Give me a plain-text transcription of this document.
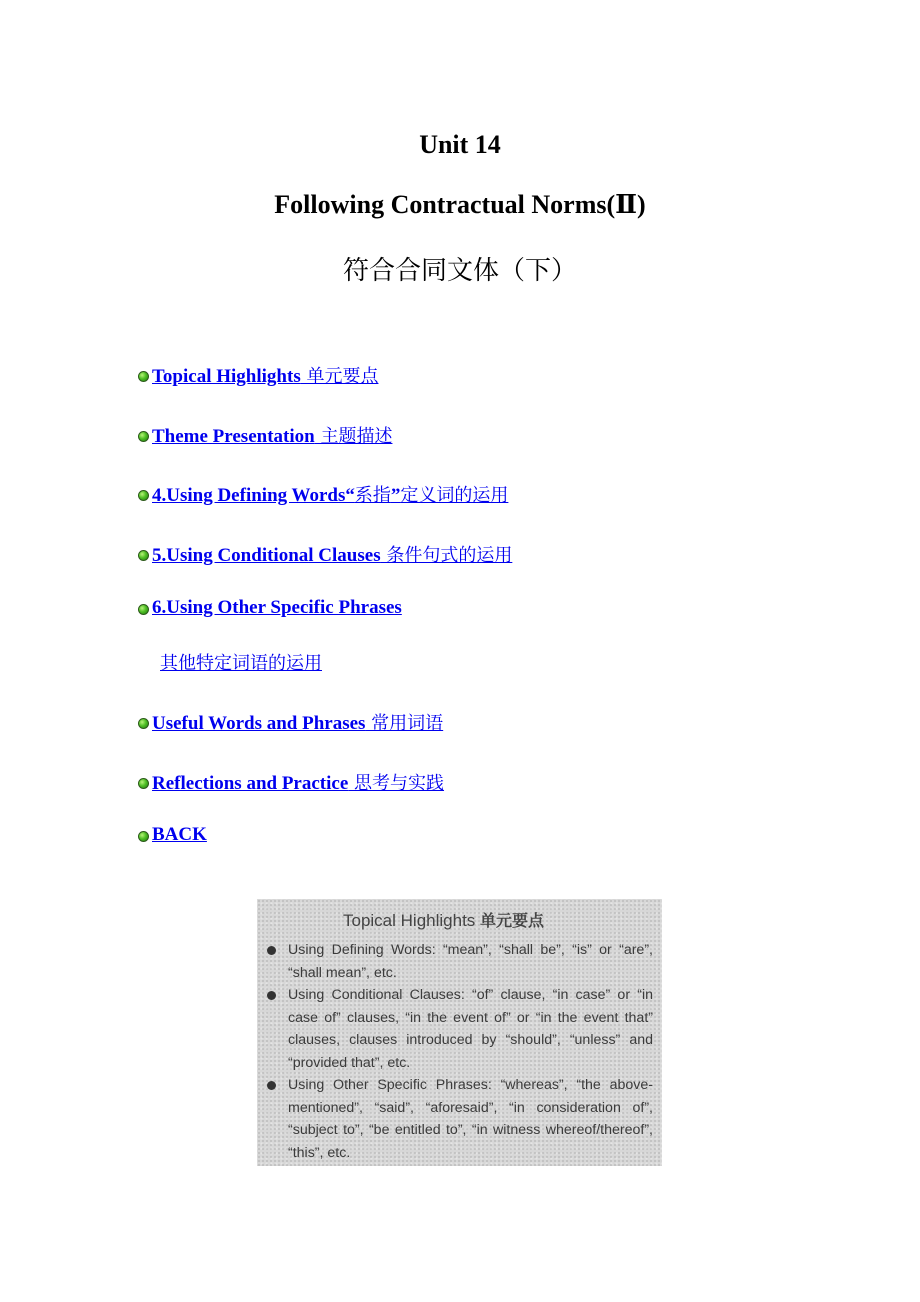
Unit 14
Following Contractual Norms(Ⅱ)
符合合同文体（下）
Topical Highlights 单元要点
Theme Presentation 主题描述
4.Using Defining Words“系指”定义词的运用
5.Using Conditional Clauses 条件句式的运用
6.Using Other Specific Phrases
其他特定词语的运用
Useful Words and Phrases 常用词语
Reflections and Practice 思考与实践
BACK
Topical Highlights 单元要点
Using Defining Words: “mean”, “shall be”, “is” or “are”, “shall mean”, etc.
Using Conditional Clauses: “of” clause, “in case” or “in case of” clauses, “in the event of” or “in the event that” clauses, clauses introduced by “should”, “unless” and “provided that”, etc.
Using Other Specific Phrases: “whereas”, “the above-mentioned”, “said”, “aforesaid”, “in consideration of”, “subject to”, “be entitled to”, “in witness whereof/thereof”, “this”, etc.
